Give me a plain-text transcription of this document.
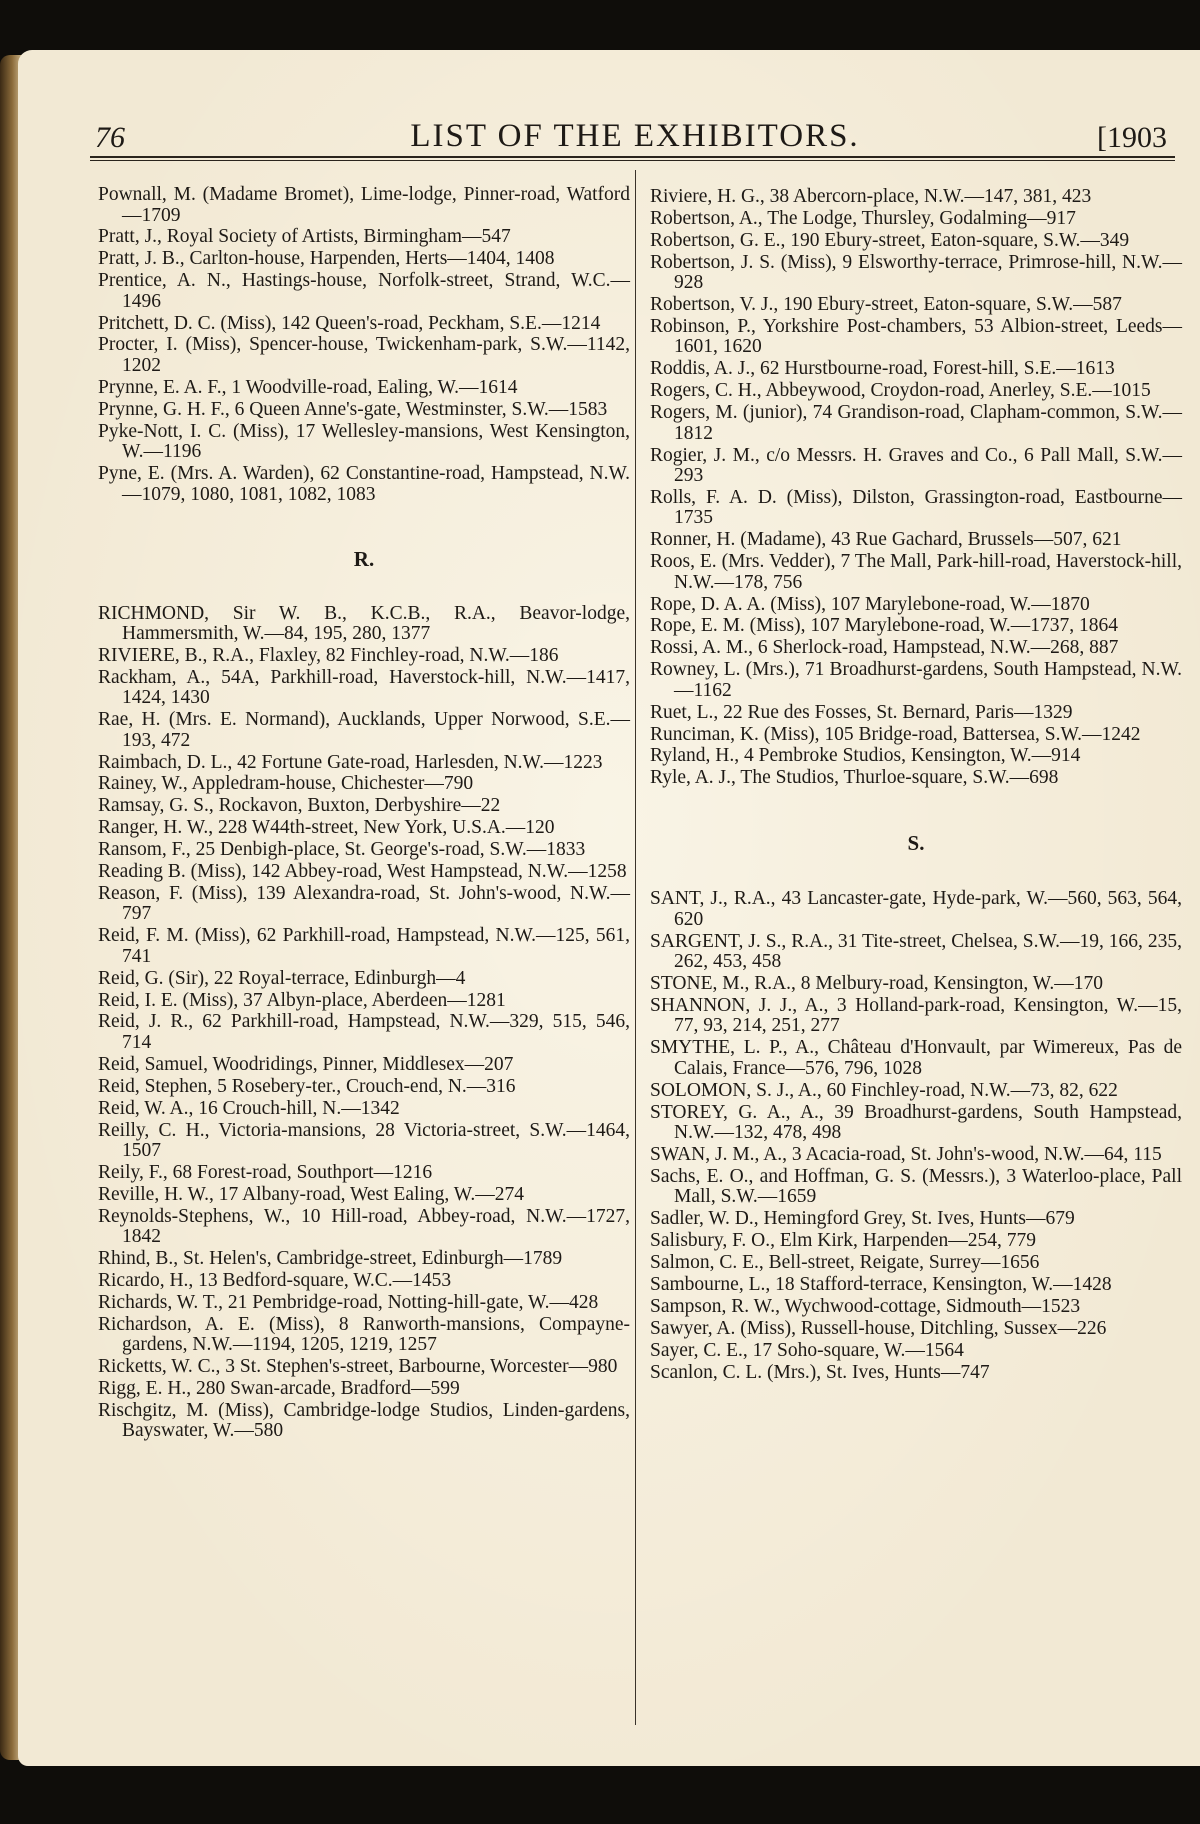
76	LIST OF THE EXHIBITORS.	[1903
Pownall, M. (Madame Bromet), Lime-lodge, Pinner-road, Watford—1709
Pratt, J., Royal Society of Artists, Birmingham—547
Pratt, J. B., Carlton-house, Harpenden, Herts—1404, 1408
Prentice, A. N., Hastings-house, Norfolk-street, Strand, W.C.—1496
Pritchett, D. C. (Miss), 142 Queen's-road, Peckham, S.E.—1214
Procter, I. (Miss), Spencer-house, Twickenham-park, S.W.—1142, 1202
Prynne, E. A. F., 1 Woodville-road, Ealing, W.—1614
Prynne, G. H. F., 6 Queen Anne's-gate, Westminster, S.W.—1583
Pyke-Nott, I. C. (Miss), 17 Wellesley-mansions, West Kensington, W.—1196
Pyne, E. (Mrs. A. Warden), 62 Constantine-road, Hampstead, N.W.—1079, 1080, 1081, 1082, 1083
R.
RICHMOND, Sir W. B., K.C.B., R.A., Beavor-lodge, Hammersmith, W.—84, 195, 280, 1377
RIVIERE, B., R.A., Flaxley, 82 Finchley-road, N.W.—186
Rackham, A., 54A, Parkhill-road, Haverstock-hill, N.W.—1417, 1424, 1430
Rae, H. (Mrs. E. Normand), Aucklands, Upper Norwood, S.E.—193, 472
Raimbach, D. L., 42 Fortune Gate-road, Harlesden, N.W.—1223
Rainey, W., Appledram-house, Chichester—790
Ramsay, G. S., Rockavon, Buxton, Derbyshire—22
Ranger, H. W., 228 W44th-street, New York, U.S.A.—120
Ransom, F., 25 Denbigh-place, St. George's-road, S.W.—1833
Reading B. (Miss), 142 Abbey-road, West Hampstead, N.W.—1258
Reason, F. (Miss), 139 Alexandra-road, St. John's-wood, N.W.—797
Reid, F. M. (Miss), 62 Parkhill-road, Hampstead, N.W.—125, 561, 741
Reid, G. (Sir), 22 Royal-terrace, Edinburgh—4
Reid, I. E. (Miss), 37 Albyn-place, Aberdeen—1281
Reid, J. R., 62 Parkhill-road, Hampstead, N.W.—329, 515, 546, 714
Reid, Samuel, Woodridings, Pinner, Middlesex—207
Reid, Stephen, 5 Rosebery-ter., Crouch-end, N.—316
Reid, W. A., 16 Crouch-hill, N.—1342
Reilly, C. H., Victoria-mansions, 28 Victoria-street, S.W.—1464, 1507
Reily, F., 68 Forest-road, Southport—1216
Reville, H. W., 17 Albany-road, West Ealing, W.—274
Reynolds-Stephens, W., 10 Hill-road, Abbey-road, N.W.—1727, 1842
Rhind, B., St. Helen's, Cambridge-street, Edinburgh—1789
Ricardo, H., 13 Bedford-square, W.C.—1453
Richards, W. T., 21 Pembridge-road, Notting-hill-gate, W.—428
Richardson, A. E. (Miss), 8 Ranworth-mansions, Compayne-gardens, N.W.—1194, 1205, 1219, 1257
Ricketts, W. C., 3 St. Stephen's-street, Barbourne, Worcester—980
Rigg, E. H., 280 Swan-arcade, Bradford—599
Rischgitz, M. (Miss), Cambridge-lodge Studios, Linden-gardens, Bayswater, W.—580
Riviere, H. G., 38 Abercorn-place, N.W.—147, 381, 423
Robertson, A., The Lodge, Thursley, Godalming—917
Robertson, G. E., 190 Ebury-street, Eaton-square, S.W.—349
Robertson, J. S. (Miss), 9 Elsworthy-terrace, Primrose-hill, N.W.—928
Robertson, V. J., 190 Ebury-street, Eaton-square, S.W.—587
Robinson, P., Yorkshire Post-chambers, 53 Albion-street, Leeds—1601, 1620
Roddis, A. J., 62 Hurstbourne-road, Forest-hill, S.E.—1613
Rogers, C. H., Abbeywood, Croydon-road, Anerley, S.E.—1015
Rogers, M. (junior), 74 Grandison-road, Clapham-common, S.W.—1812
Rogier, J. M., c/o Messrs. H. Graves and Co., 6 Pall Mall, S.W.—293
Rolls, F. A. D. (Miss), Dilston, Grassington-road, Eastbourne—1735
Ronner, H. (Madame), 43 Rue Gachard, Brussels—507, 621
Roos, E. (Mrs. Vedder), 7 The Mall, Park-hill-road, Haverstock-hill, N.W.—178, 756
Rope, D. A. A. (Miss), 107 Marylebone-road, W.—1870
Rope, E. M. (Miss), 107 Marylebone-road, W.—1737, 1864
Rossi, A. M., 6 Sherlock-road, Hampstead, N.W.—268, 887
Rowney, L. (Mrs.), 71 Broadhurst-gardens, South Hampstead, N.W.—1162
Ruet, L., 22 Rue des Fosses, St. Bernard, Paris—1329
Runciman, K. (Miss), 105 Bridge-road, Battersea, S.W.—1242
Ryland, H., 4 Pembroke Studios, Kensington, W.—914
Ryle, A. J., The Studios, Thurloe-square, S.W.—698
S.
SANT, J., R.A., 43 Lancaster-gate, Hyde-park, W.—560, 563, 564, 620
SARGENT, J. S., R.A., 31 Tite-street, Chelsea, S.W.—19, 166, 235, 262, 453, 458
STONE, M., R.A., 8 Melbury-road, Kensington, W.—170
SHANNON, J. J., A., 3 Holland-park-road, Kensington, W.—15, 77, 93, 214, 251, 277
SMYTHE, L. P., A., Château d'Honvault, par Wimereux, Pas de Calais, France—576, 796, 1028
SOLOMON, S. J., A., 60 Finchley-road, N.W.—73, 82, 622
STOREY, G. A., A., 39 Broadhurst-gardens, South Hampstead, N.W.—132, 478, 498
SWAN, J. M., A., 3 Acacia-road, St. John's-wood, N.W.—64, 115
Sachs, E. O., and Hoffman, G. S. (Messrs.), 3 Waterloo-place, Pall Mall, S.W.—1659
Sadler, W. D., Hemingford Grey, St. Ives, Hunts—679
Salisbury, F. O., Elm Kirk, Harpenden—254, 779
Salmon, C. E., Bell-street, Reigate, Surrey—1656
Sambourne, L., 18 Stafford-terrace, Kensington, W.—1428
Sampson, R. W., Wychwood-cottage, Sidmouth—1523
Sawyer, A. (Miss), Russell-house, Ditchling, Sussex—226
Sayer, C. E., 17 Soho-square, W.—1564
Scanlon, C. L. (Mrs.), St. Ives, Hunts—747
